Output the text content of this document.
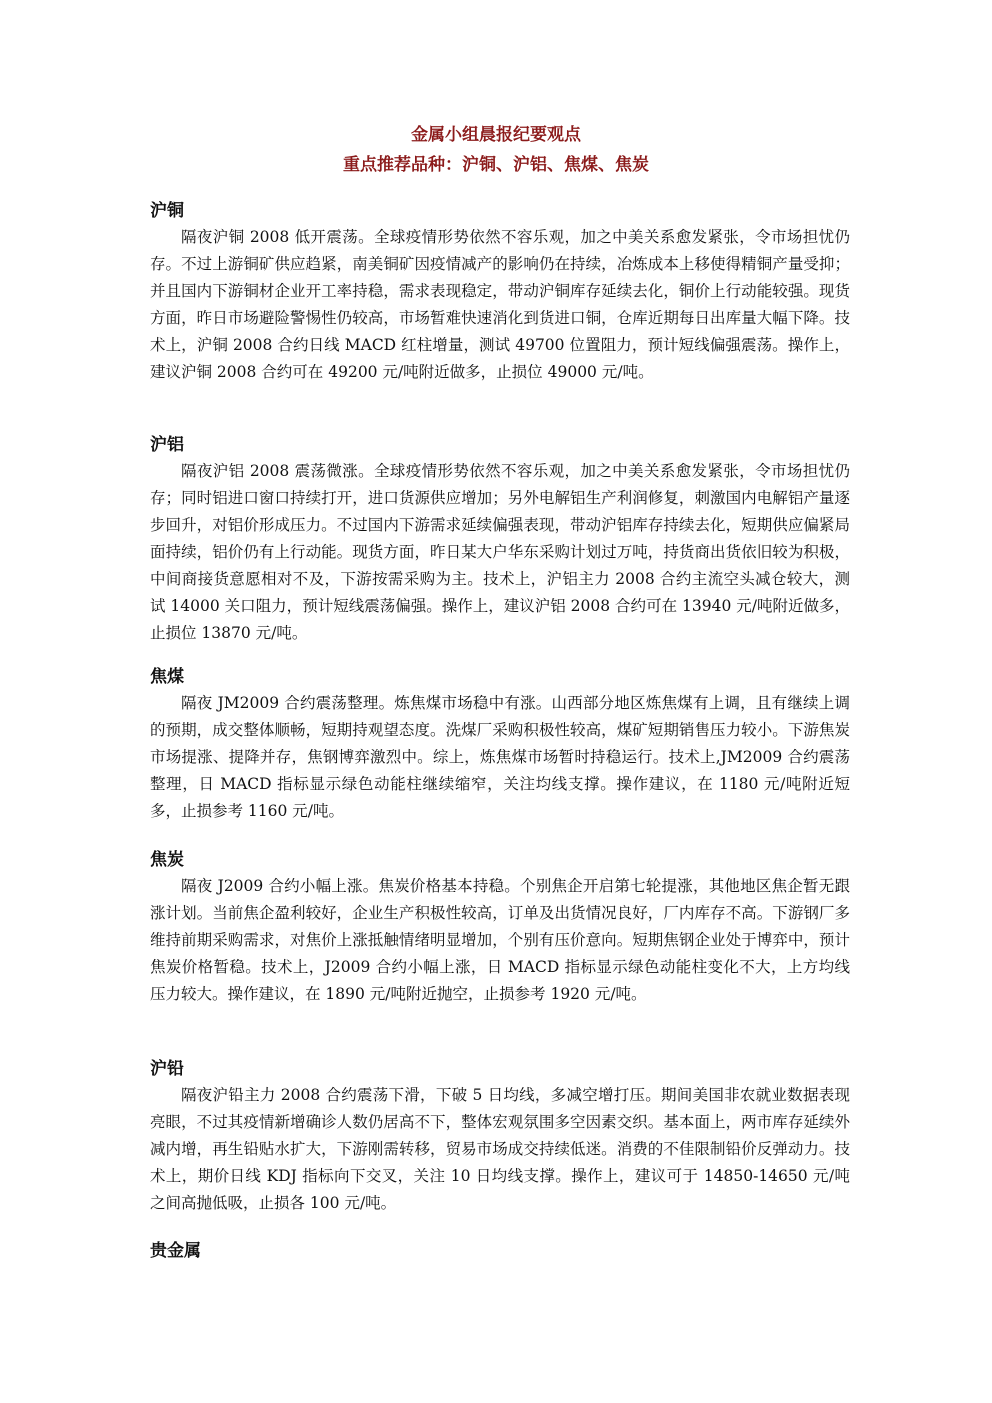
金属小组晨报纪要观点
重点推荐品种：沪铜、沪铝、焦煤、焦炭

沪铜

隔夜沪铜 2008 低开震荡。全球疫情形势依然不容乐观，加之中美关系愈发紧张，令市场担忧仍存。不过上游铜矿供应趋紧，南美铜矿因疫情减产的影响仍在持续，冶炼成本上移使得精铜产量受抑；并且国内下游铜材企业开工率持稳，需求表现稳定，带动沪铜库存延续去化，铜价上行动能较强。现货方面，昨日市场避险警惕性仍较高，市场暂难快速消化到货进口铜，仓库近期每日出库量大幅下降。技术上，沪铜 2008 合约日线 MACD 红柱增量，测试 49700 位置阻力，预计短线偏强震荡。操作上，建议沪铜 2008 合约可在 49200 元/吨附近做多，止损位 49000 元/吨。

沪铝

隔夜沪铝 2008 震荡微涨。全球疫情形势依然不容乐观，加之中美关系愈发紧张，令市场担忧仍存；同时铝进口窗口持续打开，进口货源供应增加；另外电解铝生产利润修复，刺激国内电解铝产量逐步回升，对铝价形成压力。不过国内下游需求延续偏强表现，带动沪铝库存持续去化，短期供应偏紧局面持续，铝价仍有上行动能。现货方面，昨日某大户华东采购计划过万吨，持货商出货依旧较为积极，中间商接货意愿相对不及，下游按需采购为主。技术上，沪铝主力 2008 合约主流空头减仓较大，测试 14000 关口阻力，预计短线震荡偏强。操作上，建议沪铝 2008 合约可在 13940 元/吨附近做多，止损位 13870 元/吨。

焦煤

隔夜 JM2009 合约震荡整理。炼焦煤市场稳中有涨。山西部分地区炼焦煤有上调，且有继续上调的预期，成交整体顺畅，短期持观望态度。洗煤厂采购积极性较高，煤矿短期销售压力较小。下游焦炭市场提涨、提降并存，焦钢博弈激烈中。综上，炼焦煤市场暂时持稳运行。技术上,JM2009 合约震荡整理，日 MACD 指标显示绿色动能柱继续缩窄，关注均线支撑。操作建议，在 1180 元/吨附近短多，止损参考 1160 元/吨。

焦炭

隔夜 J2009 合约小幅上涨。焦炭价格基本持稳。个别焦企开启第七轮提涨，其他地区焦企暂无跟涨计划。当前焦企盈利较好，企业生产积极性较高，订单及出货情况良好，厂内库存不高。下游钢厂多维持前期采购需求，对焦价上涨抵触情绪明显增加，个别有压价意向。短期焦钢企业处于博弈中，预计焦炭价格暂稳。技术上，J2009 合约小幅上涨，日 MACD 指标显示绿色动能柱变化不大，上方均线压力较大。操作建议，在 1890 元/吨附近抛空，止损参考 1920 元/吨。

沪铅

隔夜沪铅主力 2008 合约震荡下滑，下破 5 日均线，多减空增打压。期间美国非农就业数据表现亮眼，不过其疫情新增确诊人数仍居高不下，整体宏观氛围多空因素交织。基本面上，两市库存延续外减内增，再生铅贴水扩大，下游刚需转移，贸易市场成交持续低迷。消费的不佳限制铅价反弹动力。技术上，期价日线 KDJ 指标向下交叉，关注 10 日均线支撑。操作上，建议可于 14850-14650 元/吨之间高抛低吸，止损各 100 元/吨。

贵金属
